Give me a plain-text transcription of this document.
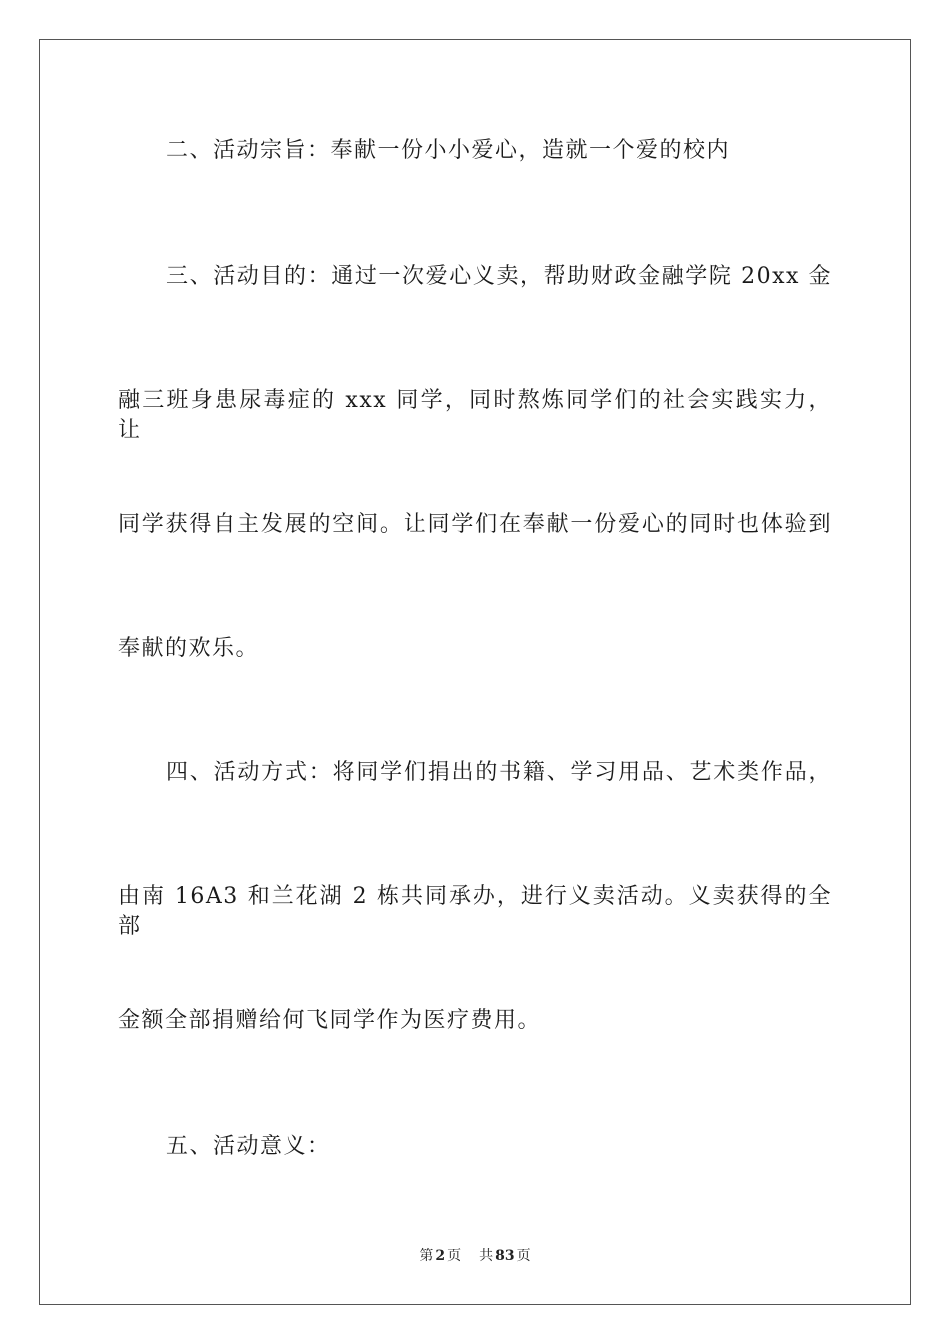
二、活动宗旨：奉献一份小小爱心，造就一个爱的校内
三、活动目的：通过一次爱心义卖，帮助财政金融学院 20xx 金
融三班身患尿毒症的 xxx 同学，同时熬炼同学们的社会实践实力，让
同学获得自主发展的空间。让同学们在奉献一份爱心的同时也体验到
奉献的欢乐。
四、活动方式：将同学们捐出的书籍、学习用品、艺术类作品，
由南 16A3 和兰花湖 2 栋共同承办，进行义卖活动。义卖获得的全部
金额全部捐赠给何飞同学作为医疗费用。
五、活动意义：
第 2 页 共 83 页
